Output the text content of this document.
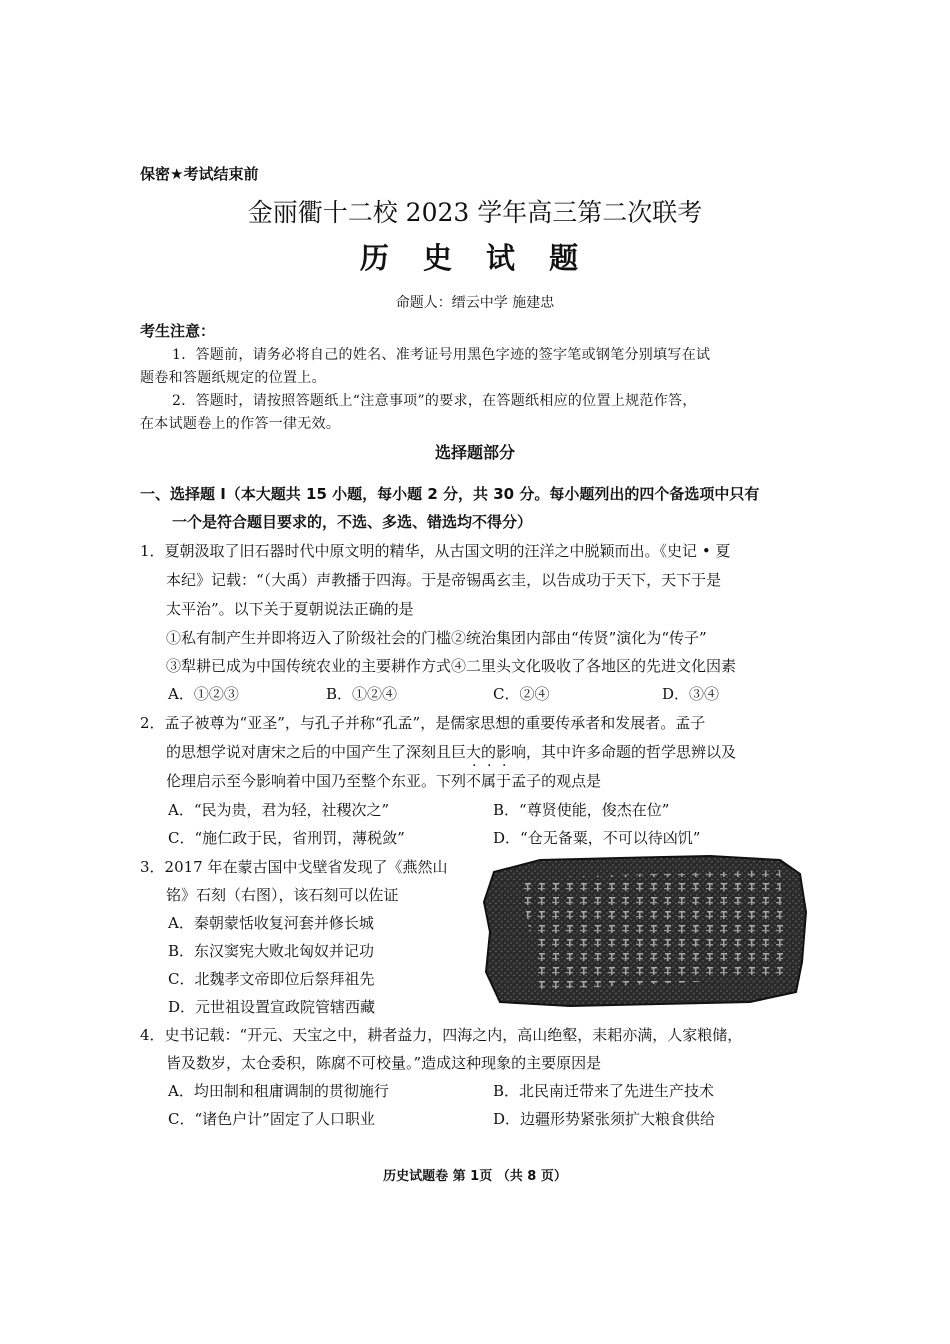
保密★考试结束前
金丽衢十二校 2023 学年高三第二次联考
历 史 试 题
命题人：缙云中学 施建忠
考生注意：
1．答题前，请务必将自己的姓名、准考证号用黑色字迹的签字笔或钢笔分别填写在试
题卷和答题纸规定的位置上。
2．答题时，请按照答题纸上“注意事项”的要求，在答题纸相应的位置上规范作答，
在本试题卷上的作答一律无效。
选择题部分
一、选择题 I（本大题共 15 小题，每小题 2 分，共 30 分。每小题列出的四个备选项中只有
一个是符合题目要求的，不选、多选、错选均不得分）
1．夏朝汲取了旧石器时代中原文明的精华，从古国文明的汪洋之中脱颖而出。《史记 • 夏
本纪》记载：“（大禹）声教播于四海。于是帝锡禹玄圭，以告成功于天下，天下于是
太平治”。以下关于夏朝说法正确的是
①私有制产生并即将迈入了阶级社会的门槛②统治集团内部由“传贤”演化为“传子”
③犁耕已成为中国传统农业的主要耕作方式④二里头文化吸收了各地区的先进文化因素
A．①②③	B．①②④	C．②④	D．③④
2．孟子被尊为“亚圣”，与孔子并称“孔孟”，是儒家思想的重要传承者和发展者。孟子
的思想学说对唐宋之后的中国产生了深刻且巨大的影响，其中许多命题的哲学思辨以及
伦理启示至今影响着中国乃至整个东亚。下列不属于孟子的观点是
A．“民为贵，君为轻，社稷次之”	B．“尊贤使能，俊杰在位”
C．“施仁政于民，省刑罚，薄税敛”	D．“仓无备粟，不可以待凶饥”
3．2017 年在蒙古国中戈壁省发现了《燕然山
铭》石刻（右图），该石刻可以佐证
A．秦朝蒙恬收复河套并修长城
B．东汉窦宪大败北匈奴并记功
C．北魏孝文帝即位后祭拜祖先
D．元世祖设置宣政院管辖西藏
4．史书记载：“开元、天宝之中，耕者益力，四海之内，高山绝壑，耒耜亦满，人家粮储，
皆及数岁，太仓委积，陈腐不可校量。”造成这种现象的主要原因是
A．均田制和租庸调制的贯彻施行	B．北民南迁带来了先进生产技术
C．“诸色户计”固定了人口职业	D．边疆形势紧张须扩大粮食供给
历史试题卷 第 1页 （共 8 页）
